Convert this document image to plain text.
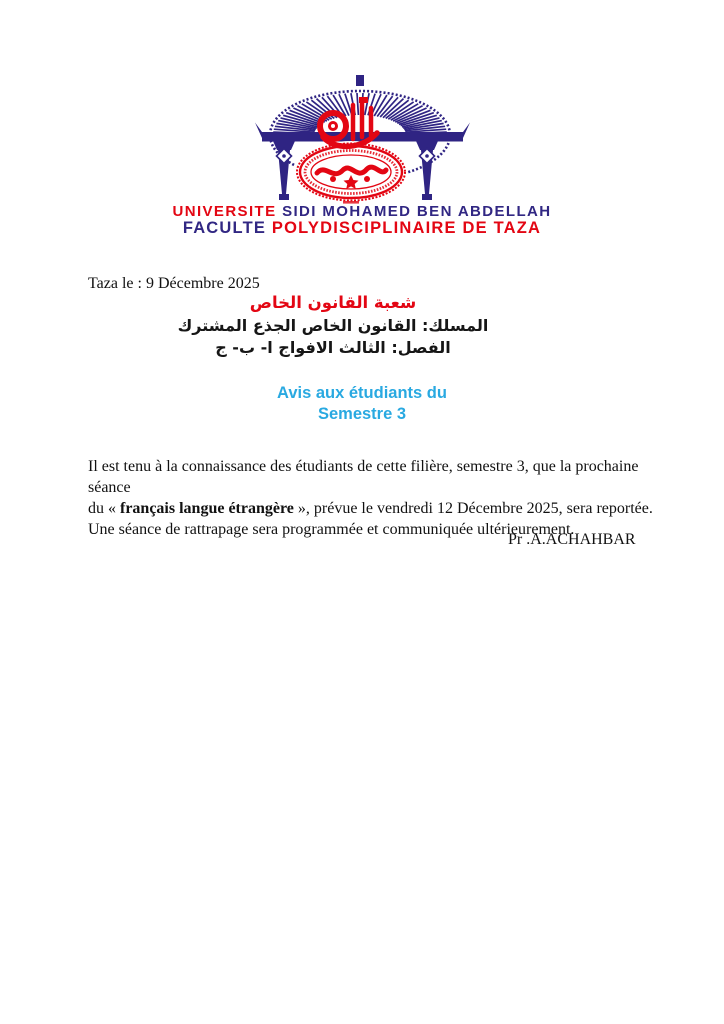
UNIVERSITE SIDI MOHAMED BEN ABDELLAH
FACULTE POLYDISCIPLINAIRE DE TAZA
Taza le : 9 Décembre 2025
شعبة القانون الخاص
المسلك: القانون الخاص الجذع المشترك
الفصل: الثالث الافواج ا- ب- ج
Avis aux étudiants du
Semestre 3
Il est tenu à la connaissance des étudiants de cette filière, semestre 3, que la prochaine séance
du « français langue étrangère », prévue le vendredi 12 Décembre 2025, sera reportée.
Une séance de rattrapage sera programmée et communiquée ultérieurement.
Pr .A.ACHAHBAR
